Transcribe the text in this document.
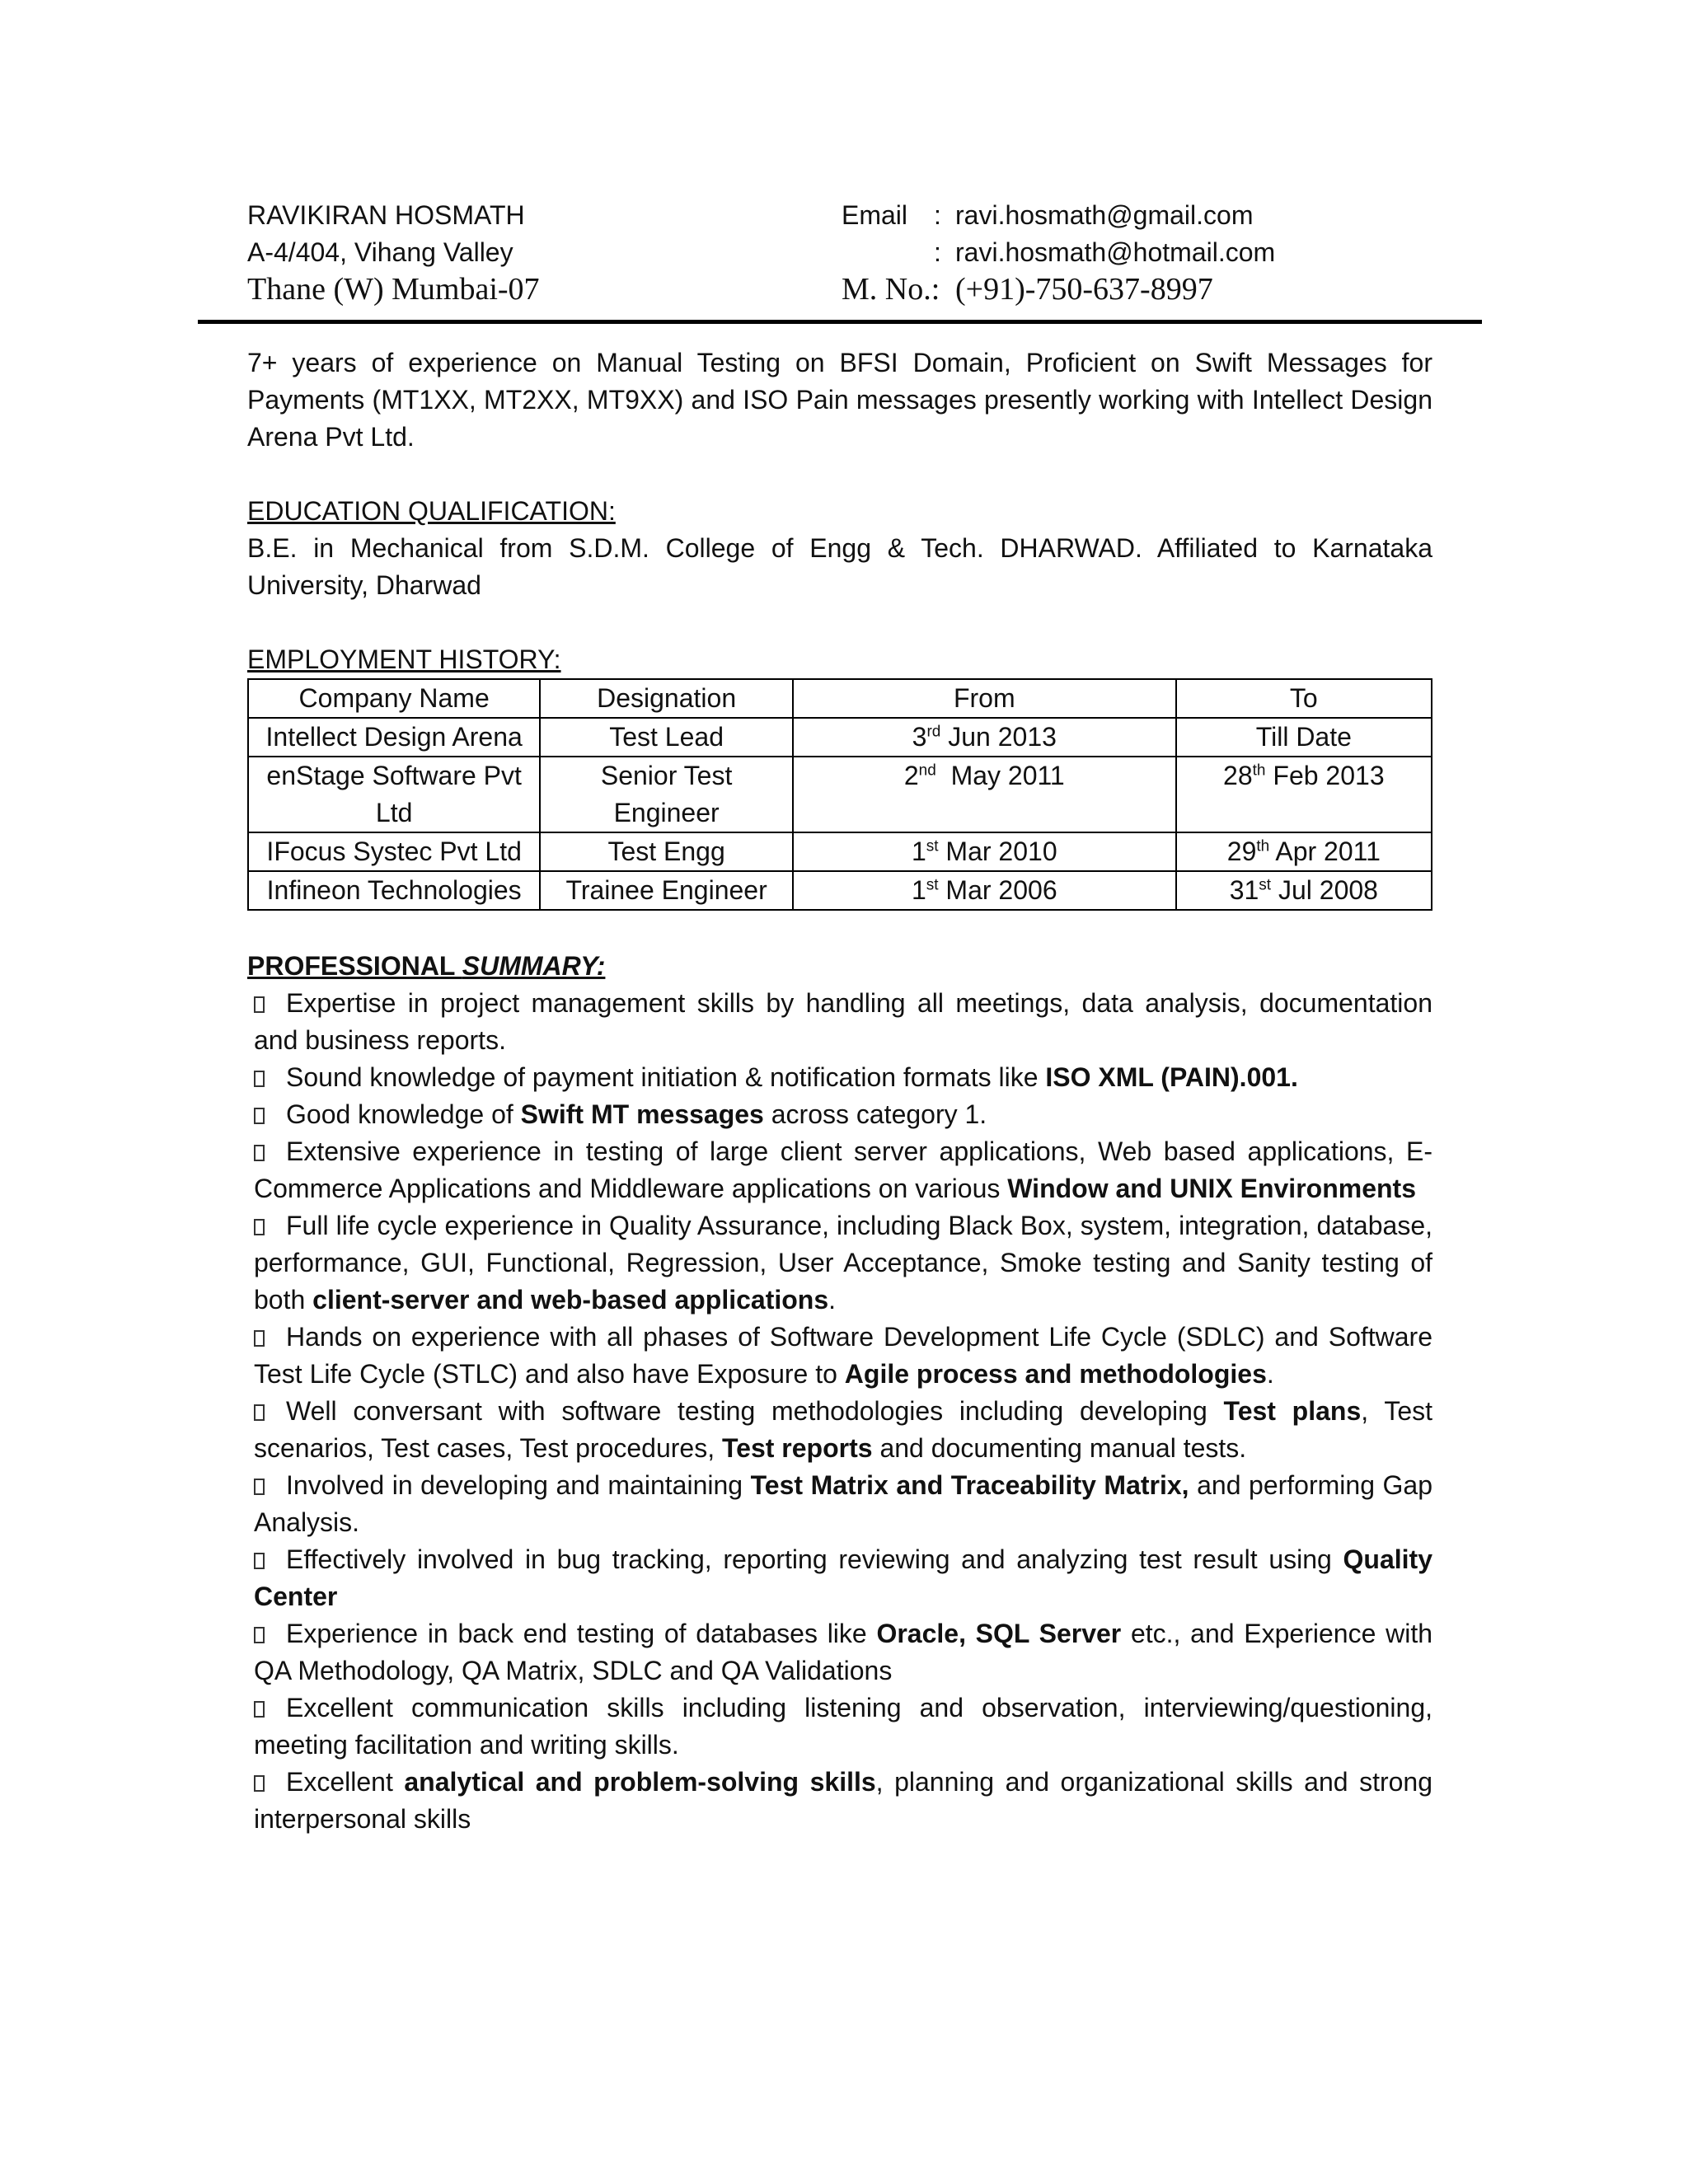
RAVIKIRAN HOSMATH
A-4/404, Vihang Valley
Thane (W) Mumbai-07
Email : ravi.hosmath@gmail.com
: ravi.hosmath@hotmail.com
M. No.: (+91)-750-637-8997

7+ years of experience on Manual Testing on BFSI Domain, Proficient on Swift Messages for Payments (MT1XX, MT2XX, MT9XX) and ISO Pain messages presently working with Intellect Design Arena Pvt Ltd.

EDUCATION QUALIFICATION:

B.E. in Mechanical from S.D.M. College of Engg & Tech. DHARWAD. Affiliated to Karnataka University, Dharwad

EMPLOYMENT HISTORY:
Company Name	Designation	From	To
Intellect Design Arena	Test Lead	3rd Jun 2013	Till Date
enStage Software Pvt Ltd	Senior Test Engineer	2nd  May 2011	28th Feb 2013
IFocus Systec Pvt Ltd	Test Engg	1st Mar 2010	29th Apr 2011
Infineon Technologies	Trainee Engineer	1st Mar 2006	31st Jul 2008
PROFESSIONAL SUMMARY:
Expertise in project management skills by handling all meetings, data analysis, documentation and business reports.
Sound knowledge of payment initiation & notification formats like ISO XML (PAIN).001.
Good knowledge of Swift MT messages across category 1.
Extensive experience in testing of large client server applications, Web based applications, E-Commerce Applications and Middleware applications on various Window and UNIX Environments
Full life cycle experience in Quality Assurance, including Black Box, system, integration, database, performance, GUI, Functional, Regression, User Acceptance, Smoke testing and Sanity testing of both client-server and web-based applications.
Hands on experience with all phases of Software Development Life Cycle (SDLC) and Software Test Life Cycle (STLC) and also have Exposure to Agile process and methodologies.
Well conversant with software testing methodologies including developing Test plans, Test scenarios, Test cases, Test procedures, Test reports and documenting manual tests.
Involved in developing and maintaining Test Matrix and Traceability Matrix, and performing Gap Analysis.
Effectively involved in bug tracking, reporting reviewing and analyzing test result using Quality Center
Experience in back end testing of databases like Oracle, SQL Server etc., and Experience with QA Methodology, QA Matrix, SDLC and QA Validations
Excellent communication skills including listening and observation, interviewing/questioning, meeting facilitation and writing skills.
Excellent analytical and problem-solving skills, planning and organizational skills and strong interpersonal skills
